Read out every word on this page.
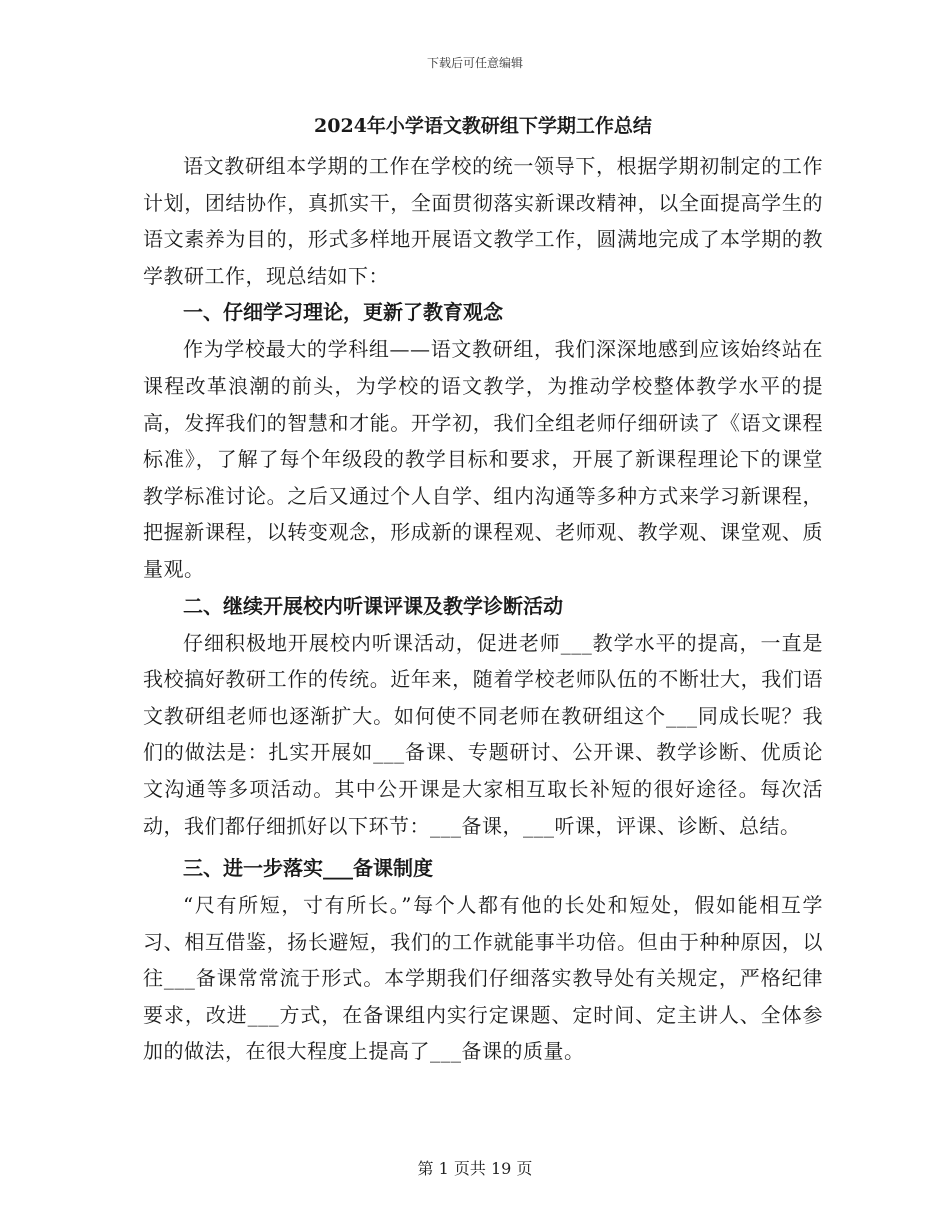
下载后可任意编辑
2024年小学语文教研组下学期工作总结

语文教研组本学期的工作在学校的统一领导下，根据学期初制定的工作计划，团结协作，真抓实干，全面贯彻落实新课改精神，以全面提高学生的语文素养为目的，形式多样地开展语文教学工作，圆满地完成了本学期的教学教研工作，现总结如下：

一、仔细学习理论，更新了教育观念

作为学校最大的学科组——语文教研组，我们深深地感到应该始终站在课程改革浪潮的前头，为学校的语文教学，为推动学校整体教学水平的提高，发挥我们的智慧和才能。开学初，我们全组老师仔细研读了《语文课程标准》，了解了每个年级段的教学目标和要求，开展了新课程理论下的课堂教学标准讨论。之后又通过个人自学、组内沟通等多种方式来学习新课程，把握新课程，以转变观念，形成新的课程观、老师观、教学观、课堂观、质量观。

二、继续开展校内听课评课及教学诊断活动

仔细积极地开展校内听课活动，促进老师___教学水平的提高，一直是我校搞好教研工作的传统。近年来，随着学校老师队伍的不断壮大，我们语文教研组老师也逐渐扩大。如何使不同老师在教研组这个___同成长呢？我们的做法是：扎实开展如___备课、专题研讨、公开课、教学诊断、优质论文沟通等多项活动。其中公开课是大家相互取长补短的很好途径。每次活动，我们都仔细抓好以下环节：___备课，___听课，评课、诊断、总结。

三、进一步落实___备课制度

“尺有所短，寸有所长。”每个人都有他的长处和短处，假如能相互学习、相互借鉴，扬长避短，我们的工作就能事半功倍。但由于种种原因，以往___备课常常流于形式。本学期我们仔细落实教导处有关规定，严格纪律要求，改进___方式，在备课组内实行定课题、定时间、定主讲人、全体参加的做法，在很大程度上提高了___备课的质量。

第 1 页共 19 页
